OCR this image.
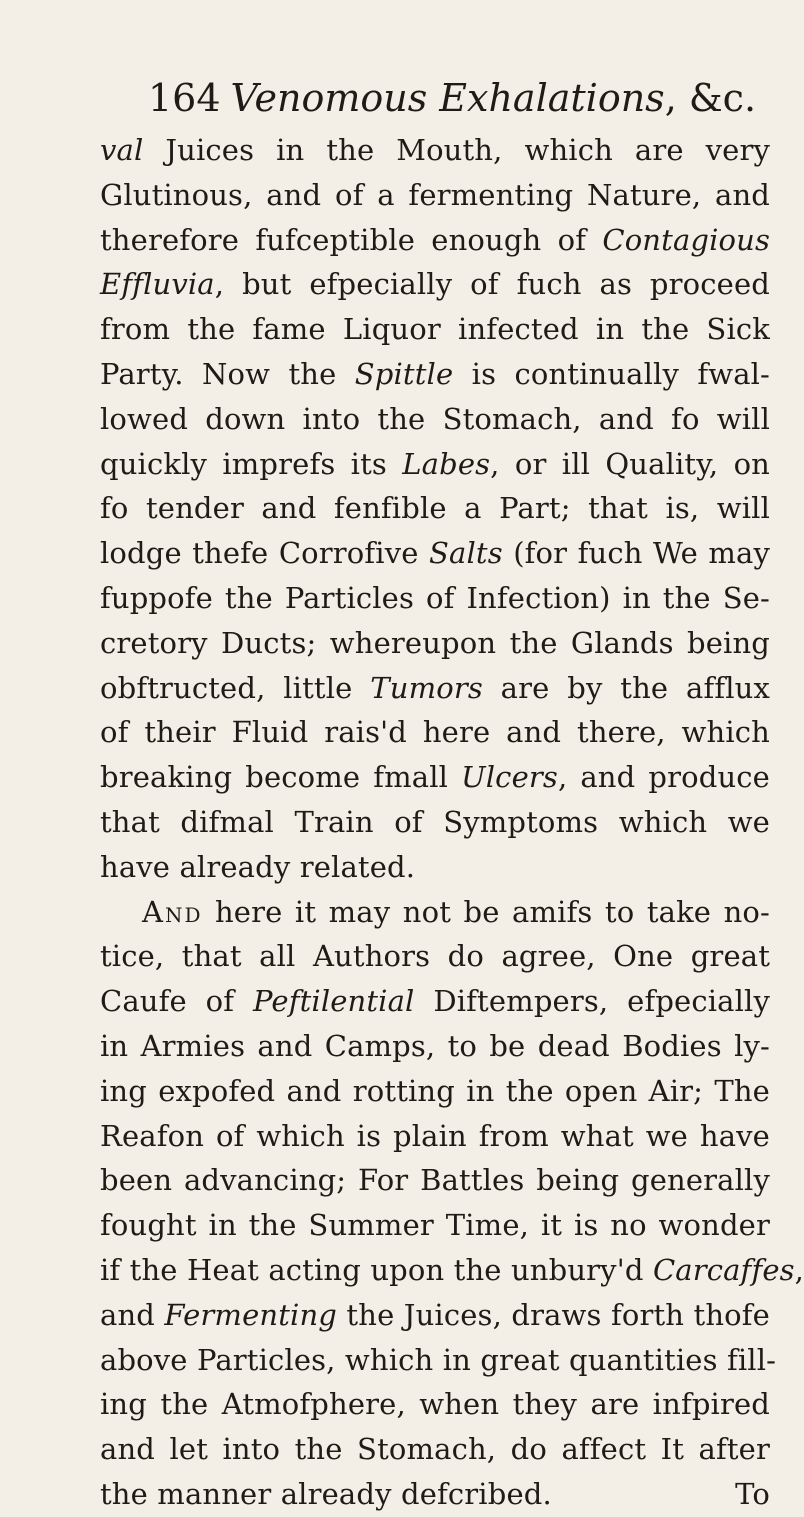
164 Venomous Exhalations, &c.
val Juices in the Mouth, which are very
Glutinous, and of a fermenting Nature, and
therefore fufceptible enough of Contagious
Effluvia, but efpecially of fuch as proceed
from the fame Liquor infected in the Sick
Party. Now the Spittle is continually fwal-
lowed down into the Stomach, and fo will
quickly imprefs its Labes, or ill Quality, on
fo tender and fenfible a Part; that is, will
lodge thefe Corrofive Salts (for fuch We may
fuppofe the Particles of Infection) in the Se-
cretory Ducts; whereupon the Glands being
obftructed, little Tumors are by the afflux
of their Fluid rais'd here and there, which
breaking become fmall Ulcers, and produce
that difmal Train of Symptoms which we
have already related.
And here it may not be amifs to take no-
tice, that all Authors do agree, One great
Caufe of Peftilential Diftempers, efpecially
in Armies and Camps, to be dead Bodies ly-
ing expofed and rotting in the open Air; The
Reafon of which is plain from what we have
been advancing; For Battles being generally
fought in the Summer Time, it is no wonder
if the Heat acting upon the unbury'd Carcaffes,
and Fermenting the Juices, draws forth thofe
above Particles, which in great quantities fill-
ing the Atmofphere, when they are infpired
and let into the Stomach, do affect It after
the manner already defcribed.	To
